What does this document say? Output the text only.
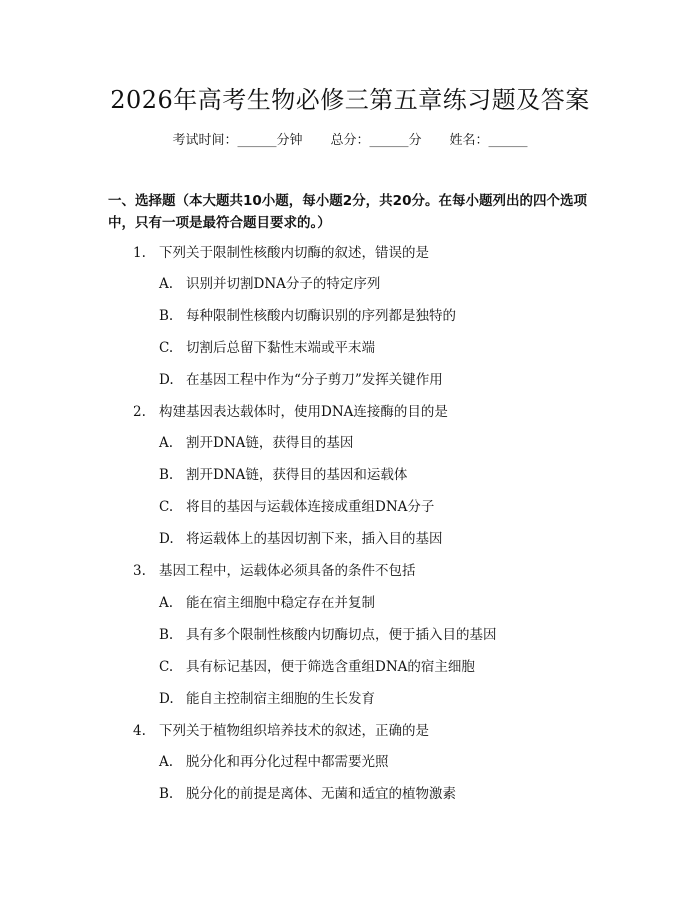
2026年高考生物必修三第五章练习题及答案
考试时间：______分钟 总分：______分 姓名：______
一、选择题（本大题共10小题，每小题2分，共20分。在每小题列出的四个选项中，只有一项是最符合题目要求的。）
1. 下列关于限制性核酸内切酶的叙述，错误的是
A. 识别并切割DNA分子的特定序列
B. 每种限制性核酸内切酶识别的序列都是独特的
C. 切割后总留下黏性末端或平末端
D. 在基因工程中作为“分子剪刀”发挥关键作用
2. 构建基因表达载体时，使用DNA连接酶的目的是
A. 割开DNA链，获得目的基因
B. 割开DNA链，获得目的基因和运载体
C. 将目的基因与运载体连接成重组DNA分子
D. 将运载体上的基因切割下来，插入目的基因
3. 基因工程中，运载体必须具备的条件不包括
A. 能在宿主细胞中稳定存在并复制
B. 具有多个限制性核酸内切酶切点，便于插入目的基因
C. 具有标记基因，便于筛选含重组DNA的宿主细胞
D. 能自主控制宿主细胞的生长发育
4. 下列关于植物组织培养技术的叙述，正确的是
A. 脱分化和再分化过程中都需要光照
B. 脱分化的前提是离体、无菌和适宜的植物激素
